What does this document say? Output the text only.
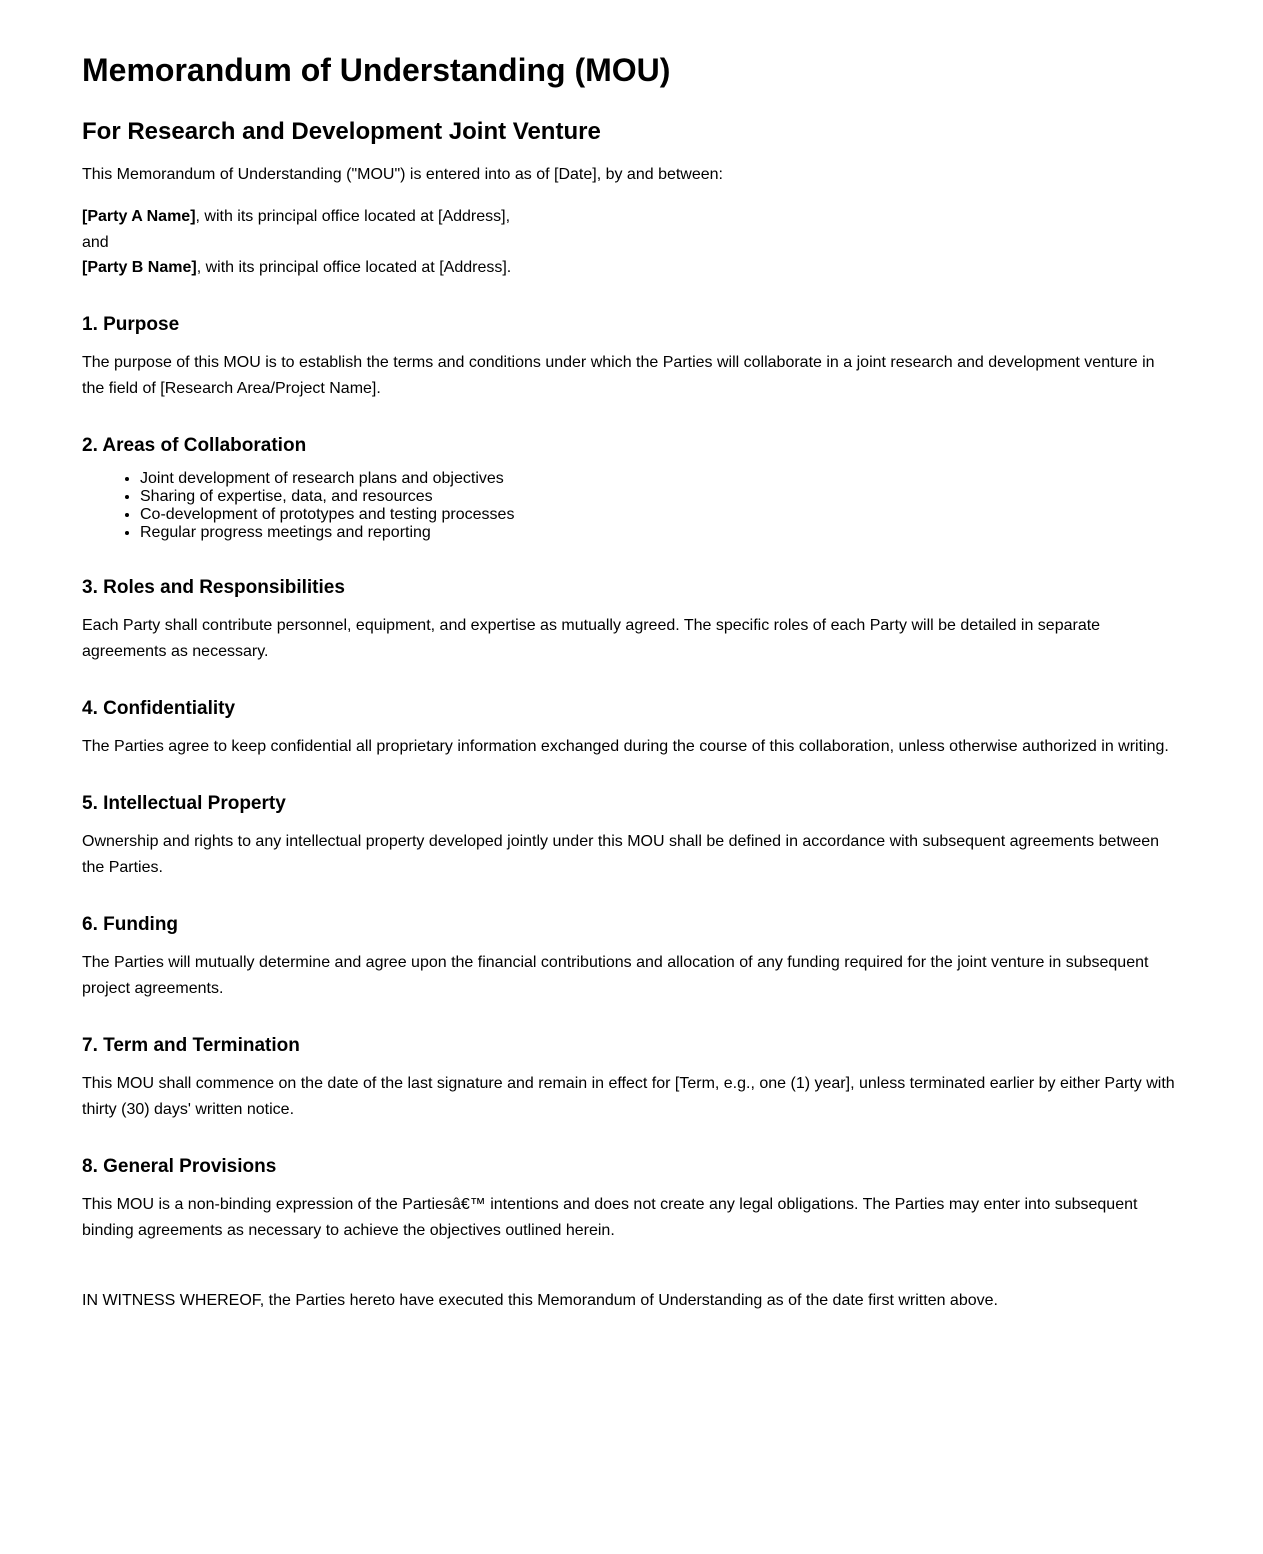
Memorandum of Understanding (MOU)
For Research and Development Joint Venture

This Memorandum of Understanding ("MOU") is entered into as of [Date], by and between:

[Party A Name], with its principal office located at [Address],
and
[Party B Name], with its principal office located at [Address].
1. Purpose

The purpose of this MOU is to establish the terms and conditions under which the Parties will collaborate in a joint research and development venture in the field of [Research Area/Project Name].

2. Areas of Collaboration
• Joint development of research plans and objectives
• Sharing of expertise, data, and resources
• Co-development of prototypes and testing processes
• Regular progress meetings and reporting
3. Roles and Responsibilities

Each Party shall contribute personnel, equipment, and expertise as mutually agreed. The specific roles of each Party will be detailed in separate agreements as necessary.

4. Confidentiality

The Parties agree to keep confidential all proprietary information exchanged during the course of this collaboration, unless otherwise authorized in writing.

5. Intellectual Property

Ownership and rights to any intellectual property developed jointly under this MOU shall be defined in accordance with subsequent agreements between the Parties.

6. Funding

The Parties will mutually determine and agree upon the financial contributions and allocation of any funding required for the joint venture in subsequent project agreements.

7. Term and Termination

This MOU shall commence on the date of the last signature and remain in effect for [Term, e.g., one (1) year], unless terminated earlier by either Party with thirty (30) days' written notice.

8. General Provisions

This MOU is a non-binding expression of the Partiesâ€™ intentions and does not create any legal obligations. The Parties may enter into subsequent binding agreements as necessary to achieve the objectives outlined herein.

IN WITNESS WHEREOF, the Parties hereto have executed this Memorandum of Understanding as of the date first written above.
